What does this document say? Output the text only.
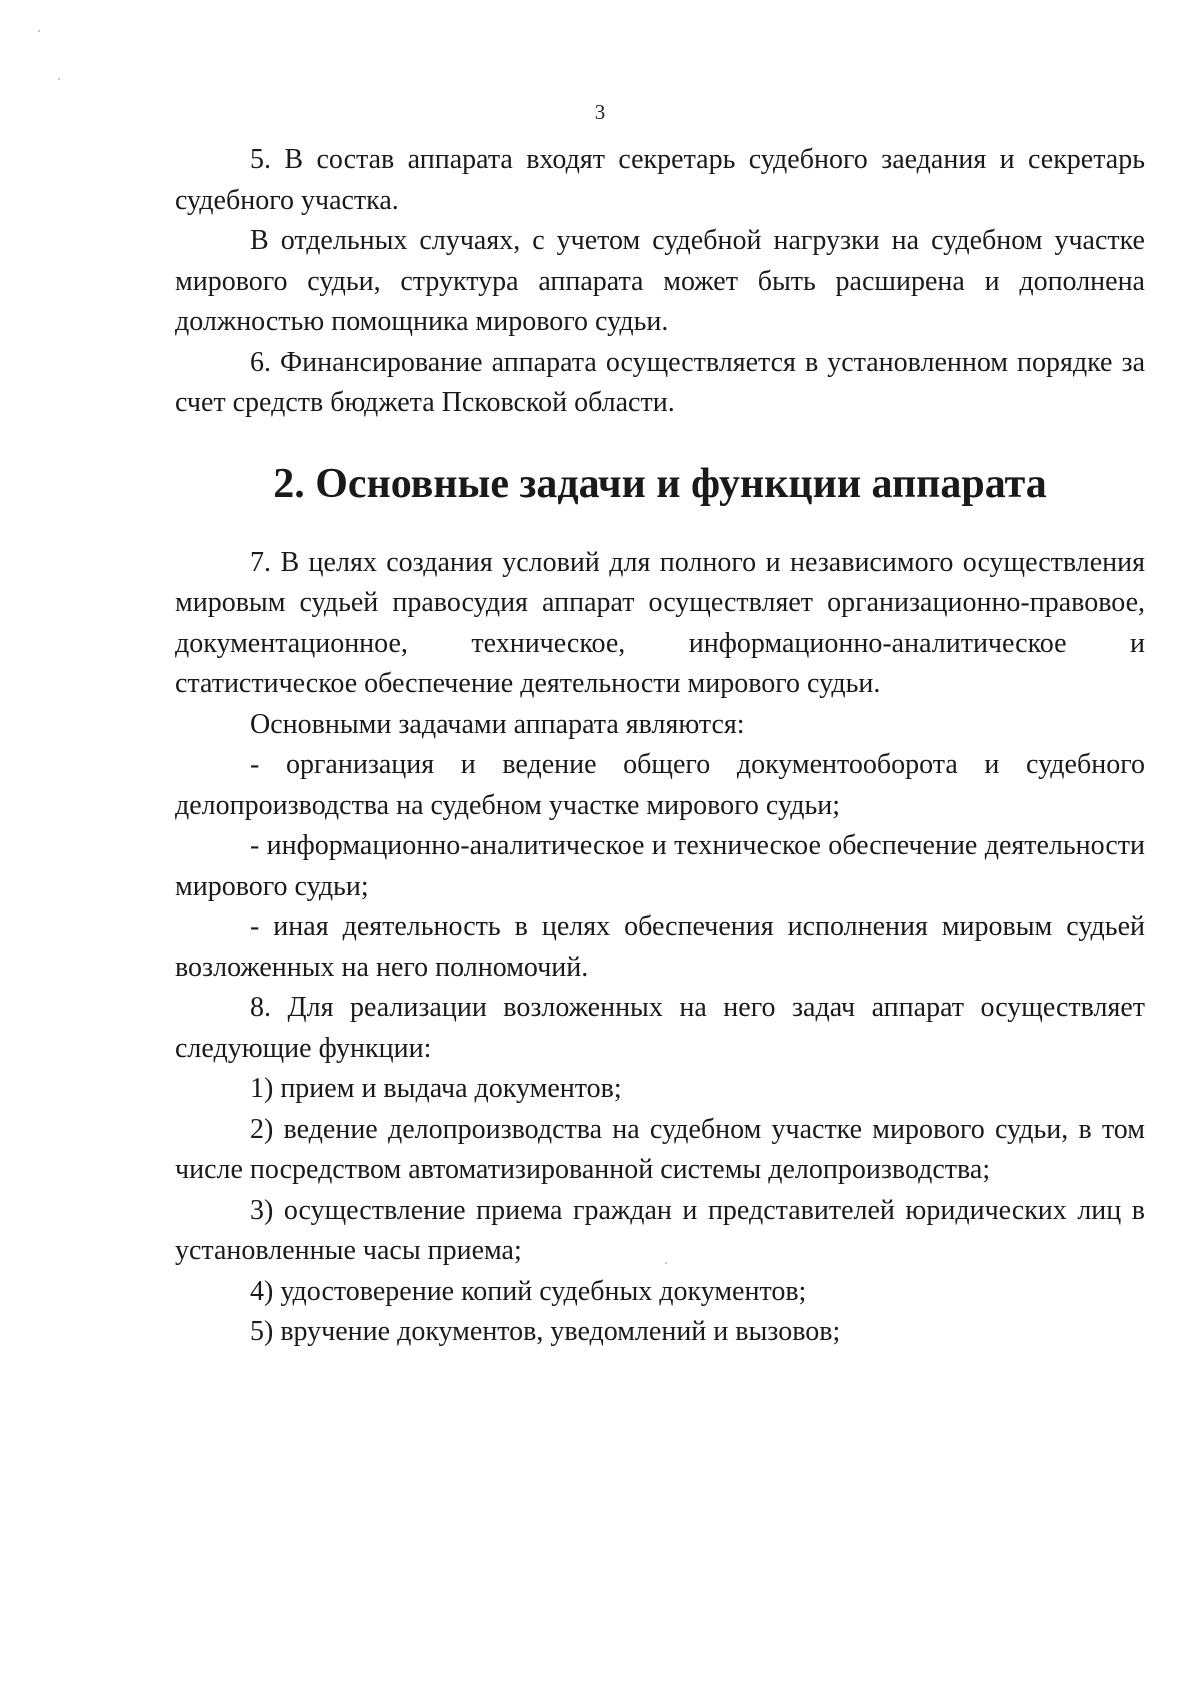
3

5. В состав аппарата входят секретарь судебного заедания и секретарь судебного участка.

В отдельных случаях, с учетом судебной нагрузки на судебном участке мирового судьи, структура аппарата может быть расширена и дополнена должностью помощника мирового судьи.

6. Финансирование аппарата осуществляется в установленном порядке за счет средств бюджета Псковской области.

2. Основные задачи и функции аппарата

7. В целях создания условий для полного и независимого осуществления мировым судьей правосудия аппарат осуществляет организационно-правовое, документационное, техническое, информационно-аналитическое и статистическое обеспечение деятельности мирового судьи.

Основными задачами аппарата являются:

- организация и ведение общего документооборота и судебного делопроизводства на судебном участке мирового судьи;

- информационно-аналитическое и техническое обеспечение деятельности мирового судьи;

- иная деятельность в целях обеспечения исполнения мировым судьей возложенных на него полномочий.

8. Для реализации возложенных на него задач аппарат осуществляет следующие функции:

1) прием и выдача документов;

2) ведение делопроизводства на судебном участке мирового судьи, в том числе посредством автоматизированной системы делопроизводства;

3) осуществление приема граждан и представителей юридических лиц в установленные часы приема;

4) удостоверение копий судебных документов;

5) вручение документов, уведомлений и вызовов;
